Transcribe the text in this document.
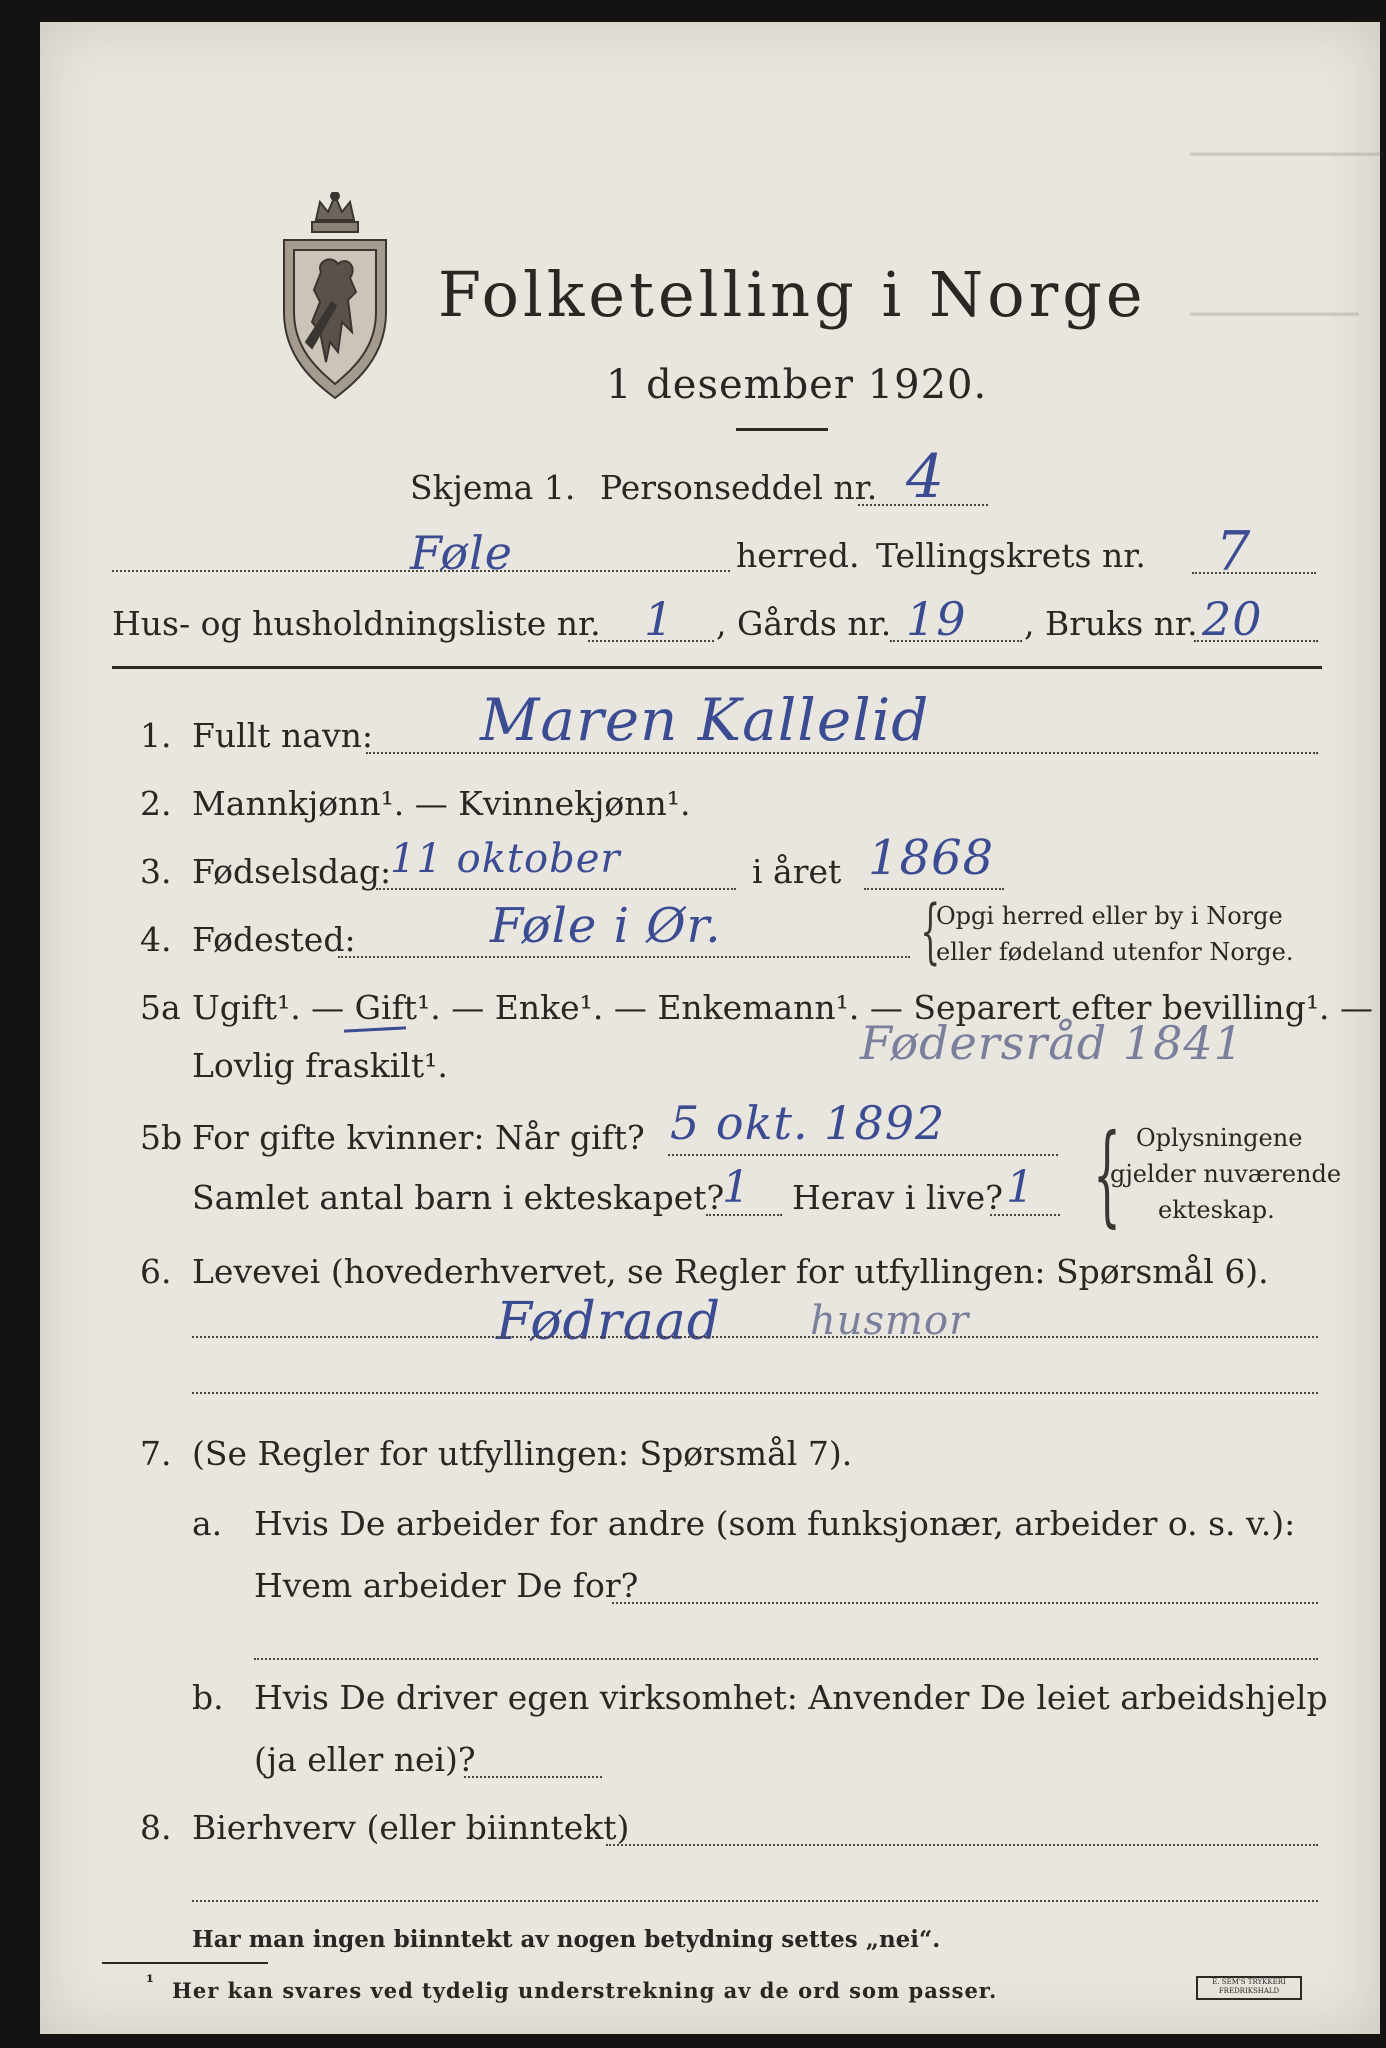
━━━━━━━━━━━━━━━━
━━━━━━━━━━━━━━
Folketelling i Norge
1 desember 1920.
Skjema 1. Personseddel nr. 4
Føle	herred. Tellingskrets nr. 7
Hus- og husholdningsliste nr. 1 , Gårds nr. 19 , Bruks nr. 20
1. Fullt navn: Maren Kallelid
2. Mannkjønn¹. — Kvinnekjønn¹.
3. Fødselsdag:
11 oktober	i året 1868
4. Fødested:	Føle i Ør.	{
Opgi herred eller by i Norge
eller fødeland utenfor Norge.
5a Ugift¹. — Gift¹. — Enke¹. — Enkemann¹. — Separert efter bevilling¹. —
Lovlig fraskilt¹.	Fødersråd 1841
5b For gifte kvinner: Når gift? 5 okt. 1892
Samlet antal barn i ekteskapet?
1 Herav i live? 1 { Oplysningene
gjelder nuværende
ekteskap.
6. Levevei (hovederhvervet, se Regler for utfyllingen: Spørsmål 6).
Fødraad husmor
7. (Se Regler for utfyllingen: Spørsmål 7).
a. Hvis De arbeider for andre (som funksjonær, arbeider o. s. v.):
Hvem arbeider De for?
b. Hvis De driver egen virksomhet: Anvender De leiet arbeidshjelp
(ja eller nei)?
8. Bierhverv (eller biinntekt)
Har man ingen biinntekt av nogen betydning settes „nei“.
¹ Her kan svares ved tydelig understrekning av de ord som passer.	E. SEM'S TRYKKERI FREDRIKSHALD
